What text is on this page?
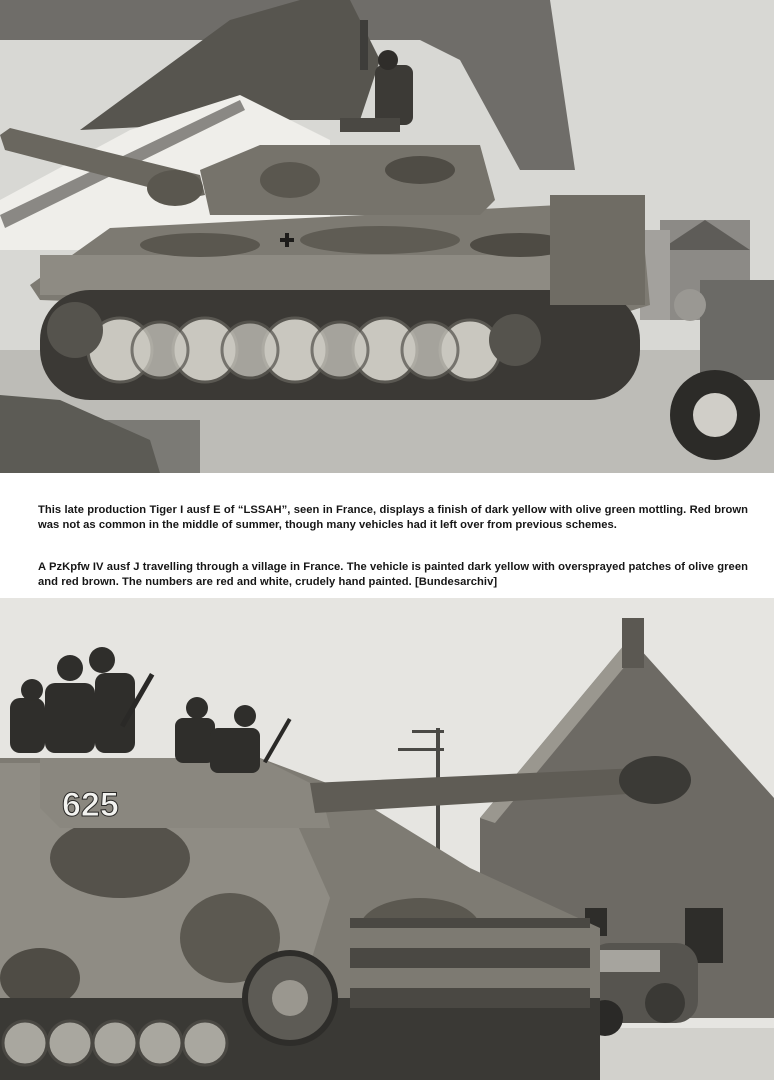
This late production Tiger I ausf E of “LSSAH”, seen in France, displays a finish of dark yellow with olive green mottling. Red brown was not as common in the middle of summer, though many vehicles had it left over from previous schemes.

A PzKpfw IV ausf J travelling through a village in France. The vehicle is painted dark yellow with oversprayed patches of olive green and red brown. The numbers are red and white, crudely hand painted. [Bundesarchiv]

625
